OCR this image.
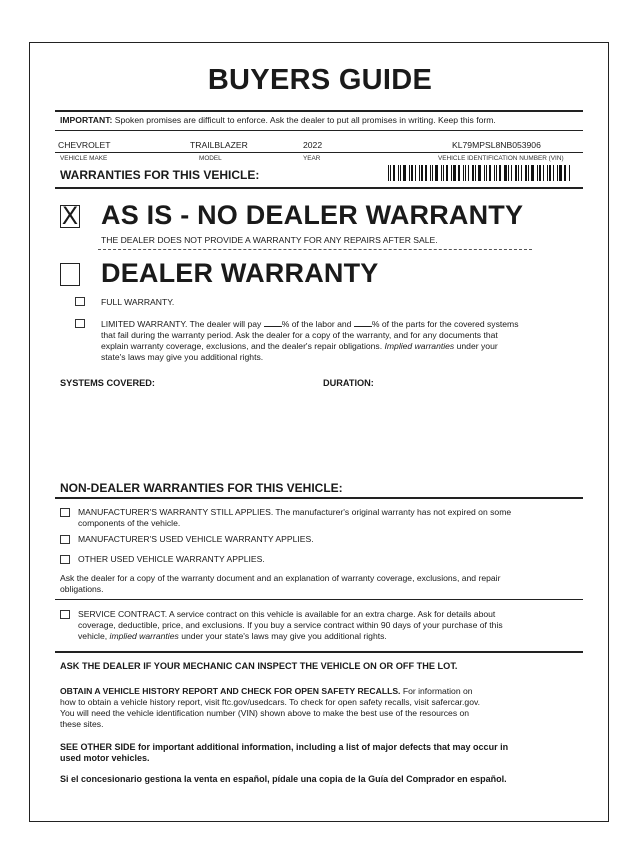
BUYERS GUIDE
IMPORTANT: Spoken promises are difficult to enforce. Ask the dealer to put all promises in writing. Keep this form.
CHEVROLET	TRAILBLAZER	2022	KL79MPSL8NB053906
VEHICLE MAKE	MODEL	YEAR	VEHICLE IDENTIFICATION NUMBER (VIN)
WARRANTIES FOR THIS VEHICLE:
X AS IS - NO DEALER WARRANTY
THE DEALER DOES NOT PROVIDE A WARRANTY FOR ANY REPAIRS AFTER SALE.
DEALER WARRANTY
FULL WARRANTY.
LIMITED WARRANTY. The dealer will pay % of the labor and % of the parts for the covered systems
that fail during the warranty period. Ask the dealer for a copy of the warranty, and for any documents that
explain warranty coverage, exclusions, and the dealer's repair obligations. Implied warranties under your
state's laws may give you additional rights.
SYSTEMS COVERED:	DURATION:
NON-DEALER WARRANTIES FOR THIS VEHICLE:
MANUFACTURER'S WARRANTY STILL APPLIES. The manufacturer's original warranty has not expired on some
components of the vehicle.
MANUFACTURER'S USED VEHICLE WARRANTY APPLIES.
OTHER USED VEHICLE WARRANTY APPLIES.
Ask the dealer for a copy of the warranty document and an explanation of warranty coverage, exclusions, and repair
obligations.
SERVICE CONTRACT. A service contract on this vehicle is available for an extra charge. Ask for details about
coverage, deductible, price, and exclusions. If you buy a service contract within 90 days of your purchase of this
vehicle, implied warranties under your state's laws may give you additional rights.
ASK THE DEALER IF YOUR MECHANIC CAN INSPECT THE VEHICLE ON OR OFF THE LOT.
OBTAIN A VEHICLE HISTORY REPORT AND CHECK FOR OPEN SAFETY RECALLS. For information on
how to obtain a vehicle history report, visit ftc.gov/usedcars. To check for open safety recalls, visit safercar.gov.
You will need the vehicle identification number (VIN) shown above to make the best use of the resources on
these sites.
SEE OTHER SIDE for important additional information, including a list of major defects that may occur in
used motor vehicles.
Si el concesionario gestiona la venta en español, pídale una copia de la Guía del Comprador en español.
